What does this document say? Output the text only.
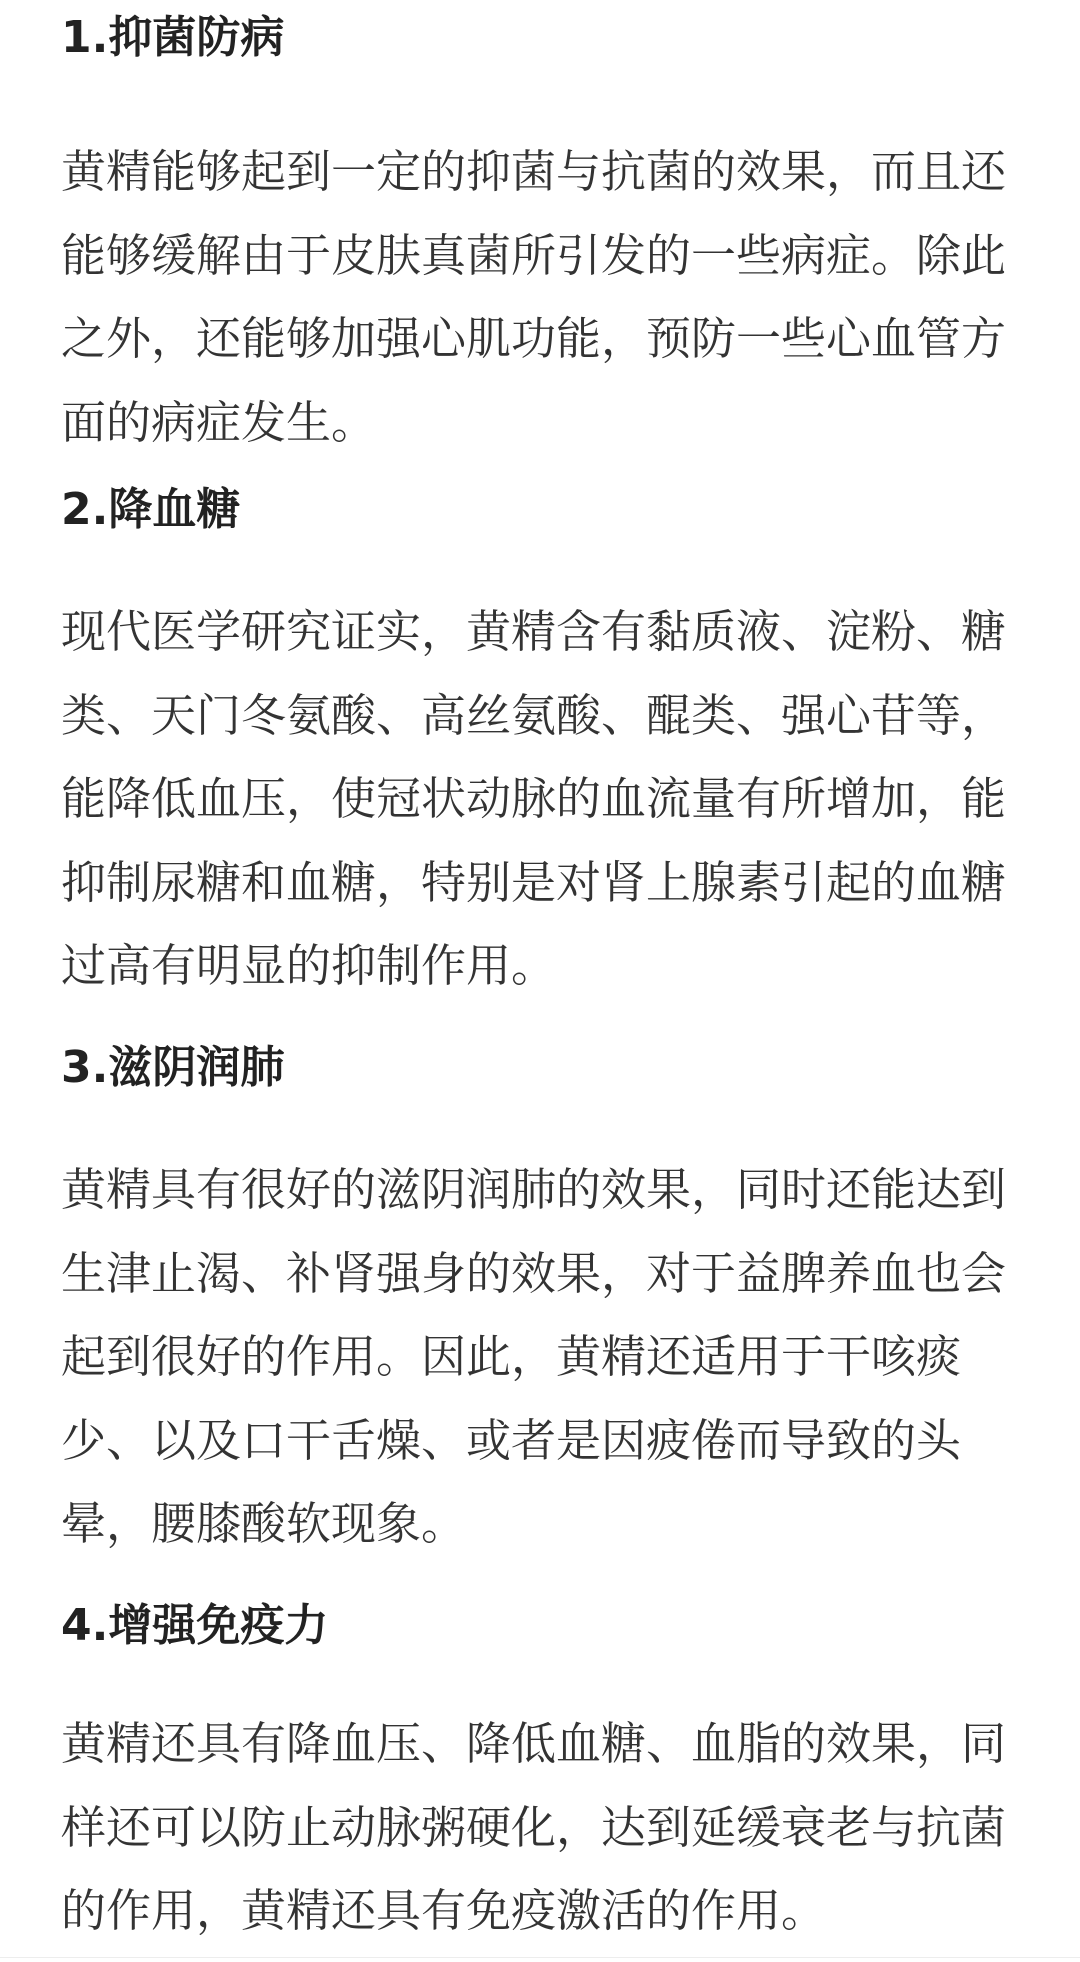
1.抑菌防病

黄精能够起到一定的抑菌与抗菌的效果，而且还能够缓解由于皮肤真菌所引发的一些病症。除此之外，还能够加强心肌功能，预防一些心血管方面的病症发生。

2.降血糖

现代医学研究证实，黄精含有黏质液、淀粉、糖类、天门冬氨酸、高丝氨酸、醌类、强心苷等，能降低血压，使冠状动脉的血流量有所增加，能抑制尿糖和血糖，特别是对肾上腺素引起的血糖过高有明显的抑制作用。

3.滋阴润肺

黄精具有很好的滋阴润肺的效果，同时还能达到生津止渴、补肾强身的效果，对于益脾养血也会起到很好的作用。因此，黄精还适用于干咳痰少、以及口干舌燥、或者是因疲倦而导致的头晕，腰膝酸软现象。

4.增强免疫力

黄精还具有降血压、降低血糖、血脂的效果，同样还可以防止动脉粥硬化，达到延缓衰老与抗菌的作用，黄精还具有免疫激活的作用。
